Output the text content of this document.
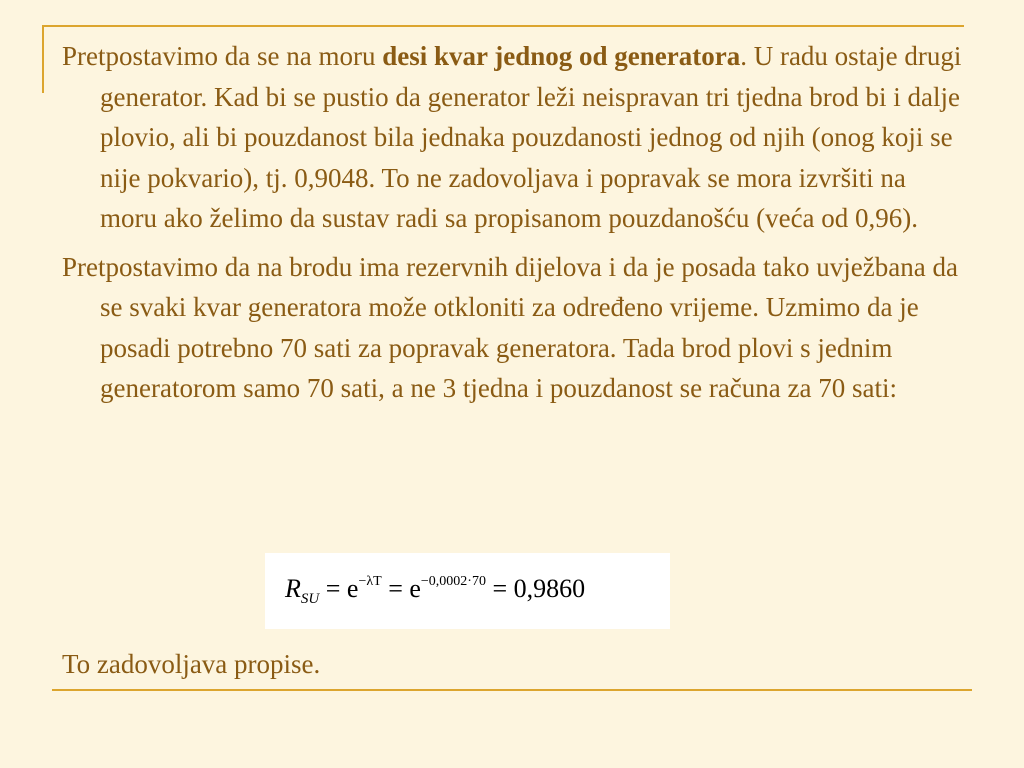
Pretpostavimo da se na moru desi kvar jednog od generatora. U radu ostaje drugi generator. Kad bi se pustio da generator leži neispravan tri tjedna brod bi i dalje plovio, ali bi pouzdanost bila jednaka pouzdanosti jednog od njih (onog koji se nije pokvario), tj. 0,9048. To ne zadovoljava i popravak se mora izvršiti na moru ako želimo da sustav radi sa propisanom pouzdanošću (veća od 0,96).

Pretpostavimo da na brodu ima rezervnih dijelova i da je posada tako uvježbana da se svaki kvar generatora može otkloniti za određeno vrijeme. Uzmimo da je posadi potrebno 70 sati za popravak generatora. Tada brod plovi s jednim generatorom samo 70 sati, a ne 3 tjedna i pouzdanost se računa za 70 sati:

$R_{SU} = e^{-\lambda T} = e^{-0,0002\cdot 70} = 0,9860$
To zadovoljava propise.
